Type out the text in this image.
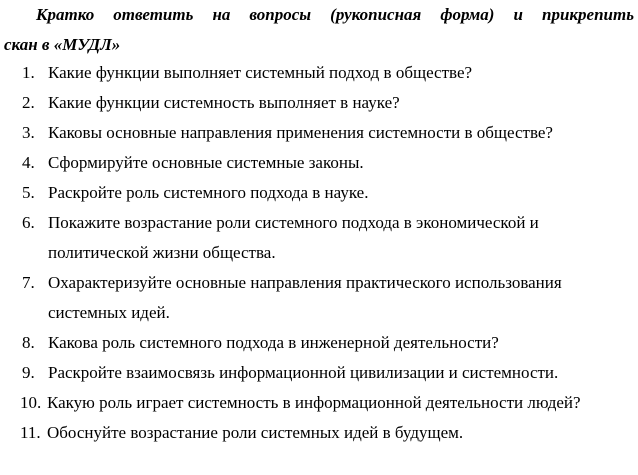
Кратко ответить на вопросы (рукописная форма) и прикрепить
скан в «МУДЛ»

1. Какие функции выполняет системный подход в обществе?
2. Какие функции системность выполняет в науке?
3. Каковы основные направления применения системности в обществе?
4. Сформируйте основные системные законы.
5. Раскройте роль системного подхода в науке.
6. Покажите возрастание роли системного подхода в экономической и
политической жизни общества.
7. Охарактеризуйте основные направления практического использования
системных идей.
8. Какова роль системного подхода в инженерной деятельности?
9. Раскройте взаимосвязь информационной цивилизации и системности.
10. Какую роль играет системность в информационной деятельности людей?
11. Обоснуйте возрастание роли системных идей в будущем.
